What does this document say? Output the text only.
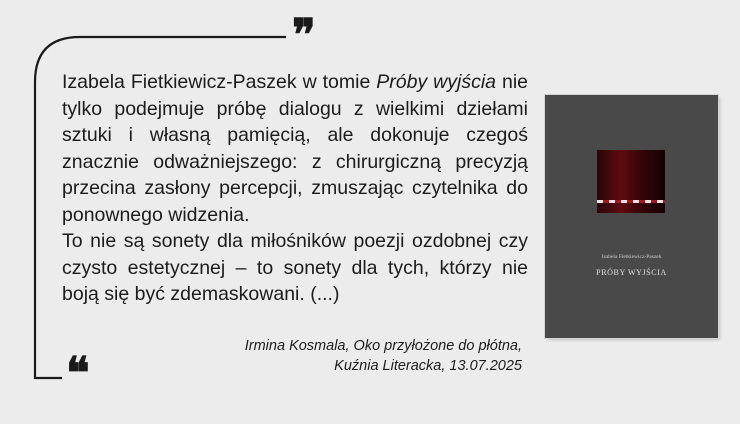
❞
❝

Izabela Fietkiewicz-Paszek w tomie Próby wyjścia nie tylko podejmuje próbę dialogu z wielkimi dziełami sztuki i własną pamięcią, ale dokonuje czegoś znacznie odważniejszego: z chirurgiczną precyzją przecina zasłony percepcji, zmuszając czytelnika do ponownego widzenia.

To nie są sonety dla miłośników poezji ozdobnej czy czysto estetycznej – to sonety dla tych, którzy nie boją się być zdemaskowani. (...)

Irmina Kosmala, Oko przyłożone do płótna,
Kuźnia Literacka, 13.07.2025
Izabela Fietkiewicz-Paszek
PRÓBY WYJŚCIA
